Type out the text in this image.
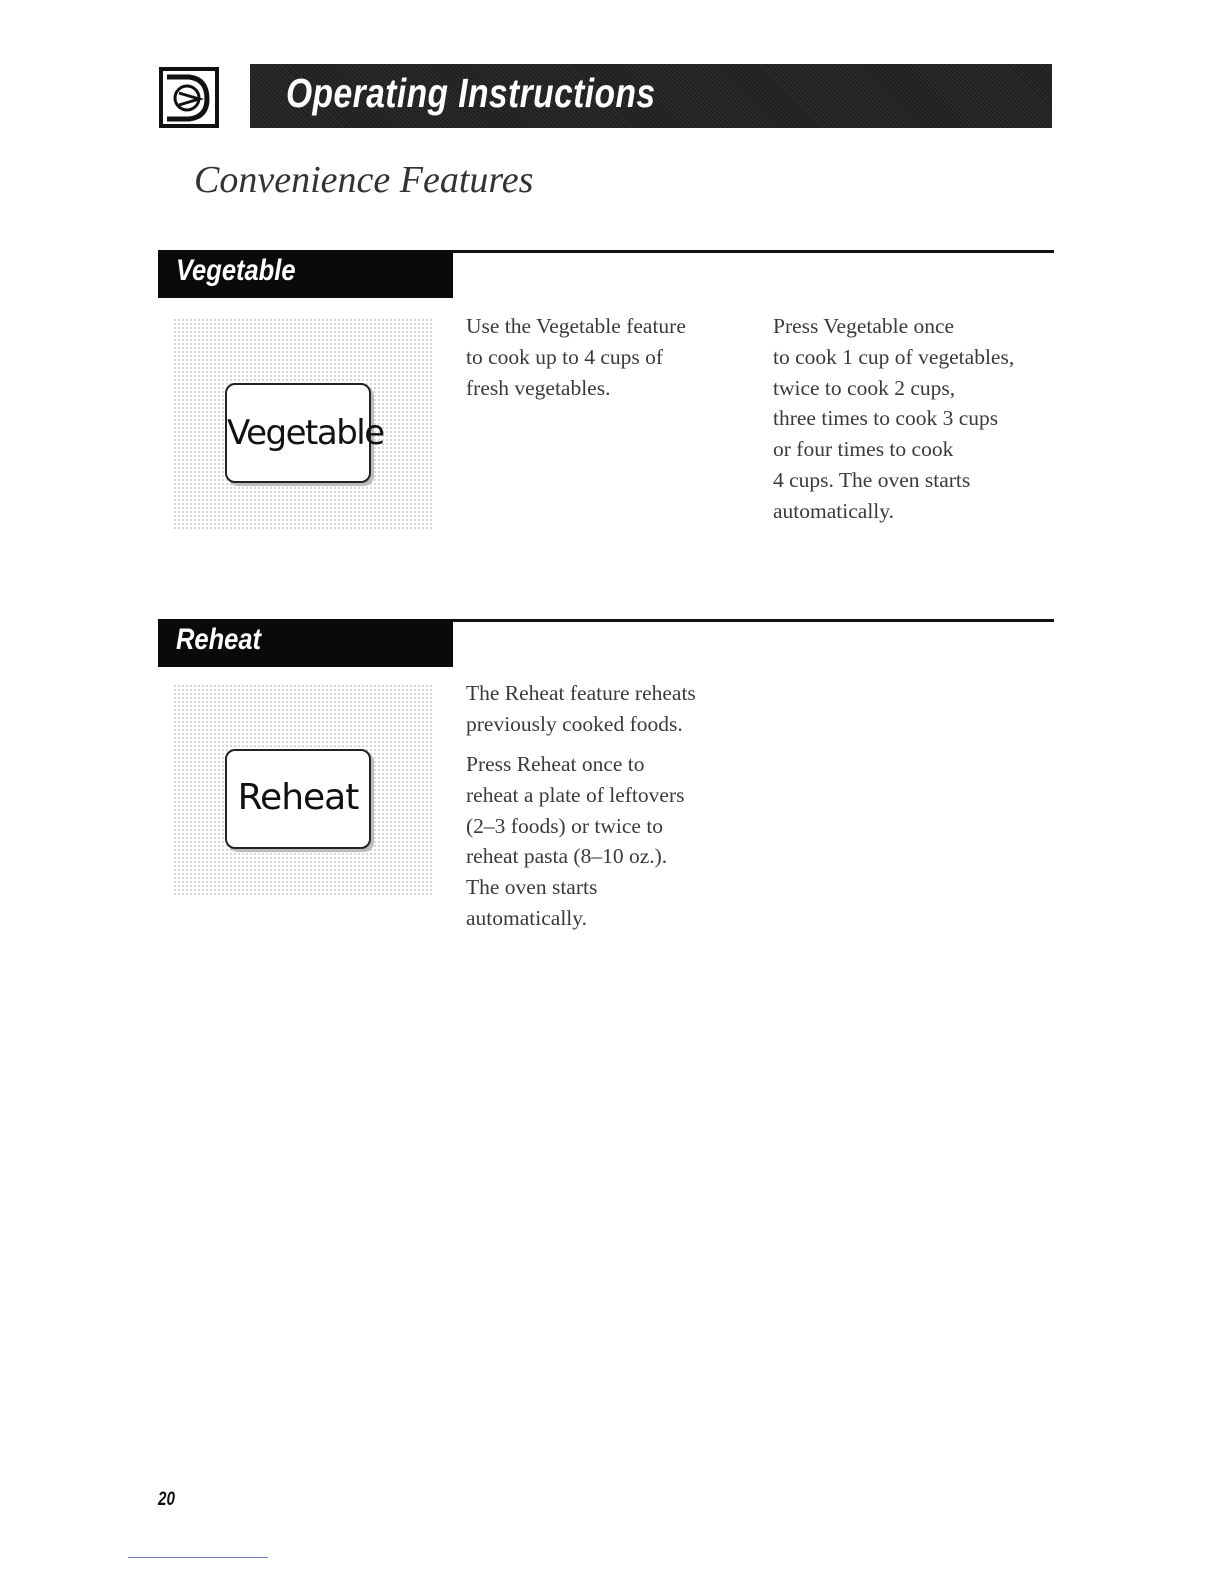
Operating Instructions
Convenience Features
Vegetable
Vegetable

Use the Vegetable feature
to cook up to 4 cups of
fresh vegetables.

Press Vegetable once
to cook 1 cup of vegetables,
twice to cook 2 cups,
three times to cook 3 cups
or four times to cook
4 cups. The oven starts
automatically.

Reheat
Reheat

The Reheat feature reheats
previously cooked foods.

Press Reheat once to
reheat a plate of leftovers
(2–3 foods) or twice to
reheat pasta (8–10 oz.).
The oven starts
automatically.

20
